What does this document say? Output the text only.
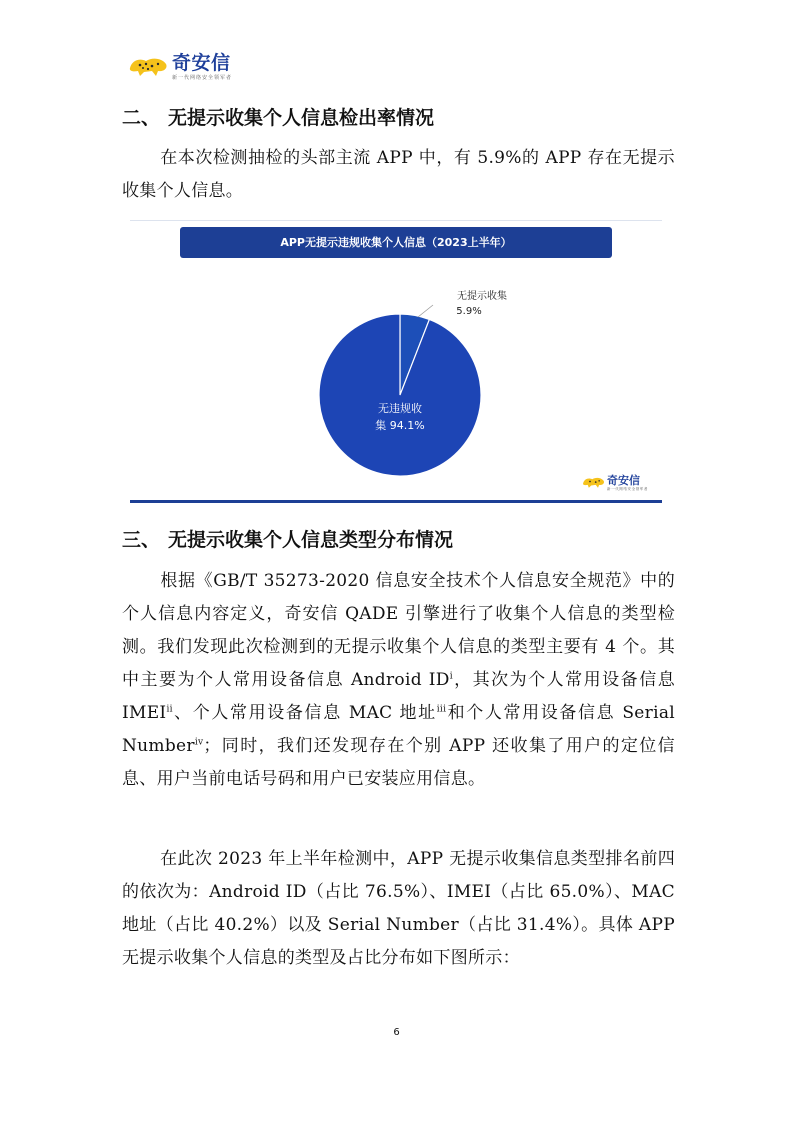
奇安信
新一代网络安全领军者
二、 无提示收集个人信息检出率情况
在本次检测抽检的头部主流 APP 中，有 5.9%的 APP 存在无提示收集个人信息。
APP无提示违规收集个人信息（2023上半年）
无提示收集
5.9%
无违规收
集 94.1%
奇安信
新一代网络安全领军者
三、 无提示收集个人信息类型分布情况
根据《GB/T 35273-2020 信息安全技术个人信息安全规范》中的个人信息内容定义，奇安信 QADE 引擎进行了收集个人信息的类型检测。我们发现此次检测到的无提示收集个人信息的类型主要有 4 个。其中主要为个人常用设备信息 Android $ID^i$，其次为个人常用设备信息 IMEI$^{ii}$、个人常用设备信息 MAC 地址$^{iii}$和个人常用设备信息 Serial Number$^{iv}$；同时，我们还发现存在个别 APP 还收集了用户的定位信息、用户当前电话号码和用户已安装应用信息。
在此次 2023 年上半年检测中，APP 无提示收集信息类型排名前四的依次为：Android ID（占比 76.5%）、IMEI（占比 65.0%）、MAC 地址（占比 40.2%）以及 Serial Number（占比 31.4%）。具体 APP 无提示收集个人信息的类型及占比分布如下图所示：
6
